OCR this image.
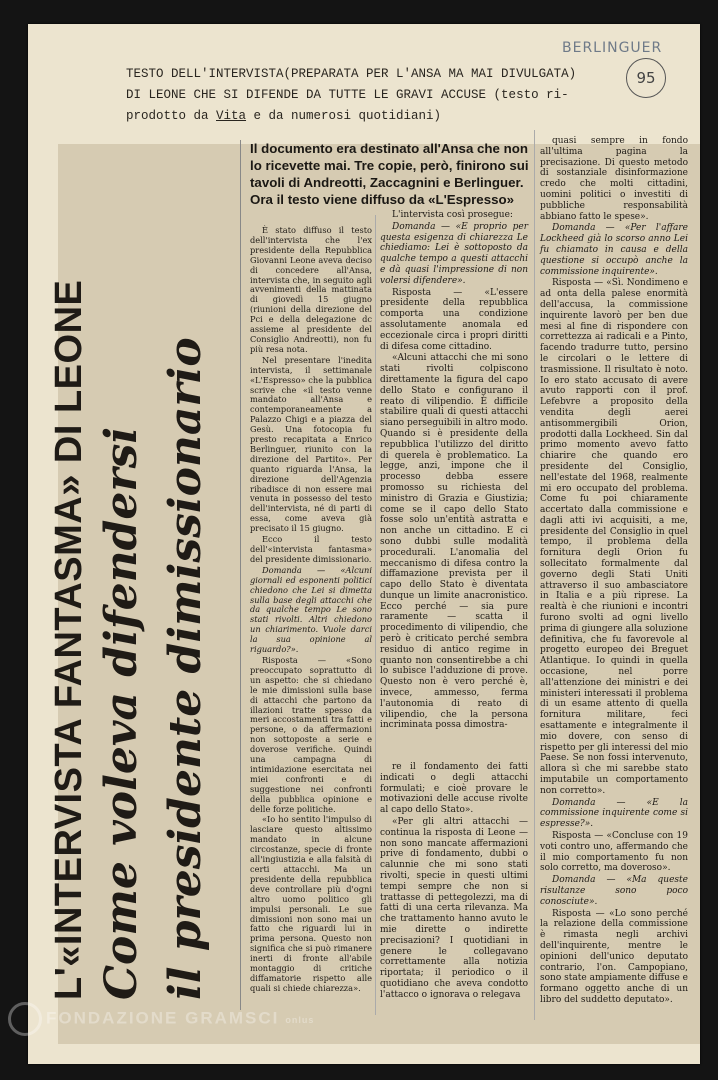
BERLINGUER
95
TESTO DELL'INTERVISTA(PREPARATA PER L'ANSA MA MAI DIVULGATA)
DI LEONE CHE SI DIFENDE DA TUTTE LE GRAVI ACCUSE (testo ri-
prodotto da Vita e da numerosi quotidiani)
L'«INTERVISTA FANTASMA» DI LEONE Come voleva difendersi il presidente dimissionario
Il documento era destinato all'Ansa che non lo ricevette mai. Tre copie, però, finirono sui tavoli di Andreotti, Zaccagnini e Berlinguer. Ora il testo viene diffuso da «L'Espresso»

È stato diffuso il testo dell'intervista che l'ex presidente della Repubblica Giovanni Leone aveva deciso di concedere all'Ansa, intervista che, in seguito agli avvenimenti della mattinata di giovedì 15 giugno (riunioni della direzione del Pci e della delegazione dc assieme al presidente del Consiglio Andreotti), non fu più resa nota.

Nel presentare l'inedita intervista, il settimanale «L'Espresso» che la pubblica scrive che «il testo venne mandato all'Ansa e contemporaneamente a Palazzo Chigi e a piazza del Gesù. Una fotocopia fu presto recapitata a Enrico Berlinguer, riunito con la direzione del Partito». Per quanto riguarda l'Ansa, la direzione dell'Agenzia ribadisce di non essere mai venuta in possesso del testo dell'intervista, né di parti di essa, come aveva già precisato il 15 giugno.

Ecco il testo dell'«intervista fantasma» del presidente dimissionario.

Domanda — «Alcuni giornali ed esponenti politici chiedono che Lei si dimetta sulla base degli attacchi che da qualche tempo Le sono stati rivolti. Altri chiedono un chiarimento. Vuole darci la sua opinione al riguardo?».

Risposta — «Sono preoccupato soprattutto di un aspetto: che si chiedano le mie dimissioni sulla base di attacchi che partono da illazioni tratte spesso da meri accostamenti tra fatti e persone, o da affermazioni non sottoposte a serie e doverose verifiche. Quindi una campagna di intimidazione esercitata nei miei confronti e di suggestione nei confronti della pubblica opinione e delle forze politiche.

«Io ho sentito l'impulso di lasciare questo altissimo mandato in alcune circostanze, specie di fronte all'ingiustizia e alla falsità di certi attacchi. Ma un presidente della repubblica deve controllare più d'ogni altro uomo politico gli impulsi personali. Le sue dimissioni non sono mai un fatto che riguardi lui in prima persona. Questo non significa che si può rimanere inerti di fronte all'abile montaggio di critiche diffamatorie rispetto alle quali si chiede chiarezza».

L'intervista così prosegue:

Domanda — «E proprio per questa esigenza di chiarezza Le chiediamo: Lei è sottoposto da qualche tempo a questi attacchi e dà quasi l'impressione di non volersi difendere».

Risposta — «L'essere presidente della repubblica comporta una condizione assolutamente anomala ed eccezionale circa i propri diritti di difesa come cittadino.

«Alcuni attacchi che mi sono stati rivolti colpiscono direttamente la figura del capo dello Stato e configurano il reato di vilipendio. È difficile stabilire quali di questi attacchi siano perseguibili in altro modo. Quando si è presidente della repubblica l'utilizzo del diritto di querela è problematico. La legge, anzi, impone che il processo debba essere promosso su richiesta del ministro di Grazia e Giustizia; come se il capo dello Stato fosse solo un'entità astratta e non anche un cittadino. E ci sono dubbi sulle modalità procedurali. L'anomalia del meccanismo di difesa contro la diffamazione prevista per il capo dello Stato è diventata dunque un limite anacronistico. Ecco perché — sia pure raramente — scatta il procedimento di vilipendio, che però è criticato perché sembra residuo di antico regime in quanto non consentirebbe a chi lo subisce l'adduzione di prove. Questo non è vero perché è, invece, ammesso, ferma l'autonomia di reato di vilipendio, che la persona incriminata possa dimostra-

re il fondamento dei fatti indicati o degli attacchi formulati; e cioè provare le motivazioni delle accuse rivolte al capo dello Stato».

«Per gli altri attacchi — continua la risposta di Leone — non sono mancate affermazioni prive di fondamento, dubbi o calunnie che mi sono stati rivolti, specie in questi ultimi tempi sempre che non si trattasse di pettegolezzi, ma di fatti di una certa rilevanza. Ma che trattamento hanno avuto le mie dirette o indirette precisazioni? I quotidiani in genere le collegavano correttamente alla notizia riportata; il periodico o il quotidiano che aveva condotto l'attacco o ignorava o relegava

quasi sempre in fondo all'ultima pagina la precisazione. Di questo metodo di sostanziale disinformazione credo che molti cittadini, uomini politici o investiti di pubbliche responsabilità abbiano fatto le spese».

Domanda — «Per l'affare Lockheed già lo scorso anno Lei fu chiamato in causa e della questione si occupò anche la commissione inquirente».

Risposta — «Sì. Nondimeno e ad onta della palese enormità dell'accusa, la commissione inquirente lavorò per ben due mesi al fine di rispondere con correttezza ai radicali e a Pinto, facendo tradurre tutto, persino le circolari o le lettere di trasmissione. Il risultato è noto. Io ero stato accusato di avere avuto rapporti con il prof. Lefebvre a proposito della vendita degli aerei antisommergibili Orion, prodotti dalla Lockheed. Sin dal primo momento avevo fatto chiarire che quando ero presidente del Consiglio, nell'estate del 1968, realmente mi ero occupato del problema. Come fu poi chiaramente accertato dalla commissione e dagli atti ivi acquisiti, a me, presidente del Consiglio in quel tempo, il problema della fornitura degli Orion fu sollecitato formalmente dal governo degli Stati Uniti attraverso il suo ambasciatore in Italia e a più riprese. La realtà è che riunioni e incontri furono svolti ad ogni livello prima di giungere alla soluzione definitiva, che fu favorevole al progetto europeo dei Breguet Atlantique. Io quindi in quella occasione, nel porre all'attenzione dei ministri e dei ministeri interessati il problema di un esame attento di quella fornitura militare, feci esattamente e integralmente il mio dovere, con senso di rispetto per gli interessi del mio Paese. Se non fossi intervenuto, allora sì che mi sarebbe stato imputabile un comportamento non corretto».

Domanda — «E la commissione inquirente come si espresse?».

Risposta — «Concluse con 19 voti contro uno, affermando che il mio comportamento fu non solo corretto, ma doveroso».

Domanda — «Ma queste risultanze sono poco conosciute».

Risposta — «Lo sono perché la relazione della commissione è rimasta negli archivi dell'inquirente, mentre le opinioni dell'unico deputato contrario, l'on. Campopiano, sono state ampiamente diffuse e formano oggetto anche di un libro del suddetto deputato».

FONDAZIONE GRAMSCI onlus
